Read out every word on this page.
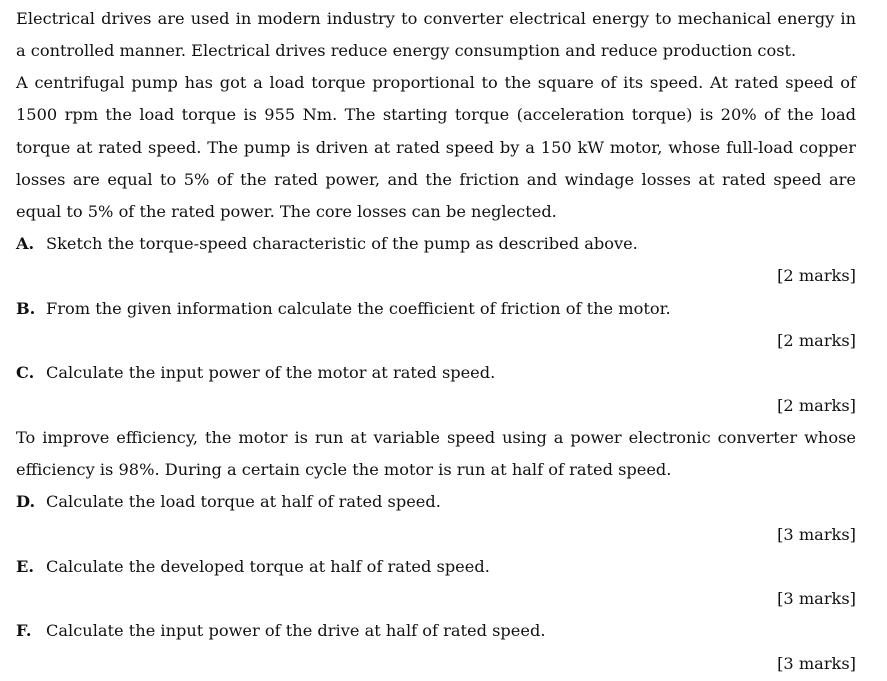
Electrical drives are used in modern industry to converter electrical energy to mechanical energy in a controlled manner. Electrical drives reduce energy consumption and reduce production cost.

A centrifugal pump has got a load torque proportional to the square of its speed. At rated speed of 1500 rpm the load torque is 955 Nm. The starting torque (acceleration torque) is 20% of the load torque at rated speed. The pump is driven at rated speed by a 150 kW motor, whose full-load copper losses are equal to 5% of the rated power, and the friction and windage losses at rated speed are equal to 5% of the rated power. The core losses can be neglected.

A. Sketch the torque-speed characteristic of the pump as described above.

[2 marks]

B. From the given information calculate the coefficient of friction of the motor.

[2 marks]

C. Calculate the input power of the motor at rated speed.

[2 marks]

To improve efficiency, the motor is run at variable speed using a power electronic converter whose efficiency is 98%. During a certain cycle the motor is run at half of rated speed.

D. Calculate the load torque at half of rated speed.

[3 marks]

E. Calculate the developed torque at half of rated speed.

[3 marks]

F. Calculate the input power of the drive at half of rated speed.

[3 marks]
